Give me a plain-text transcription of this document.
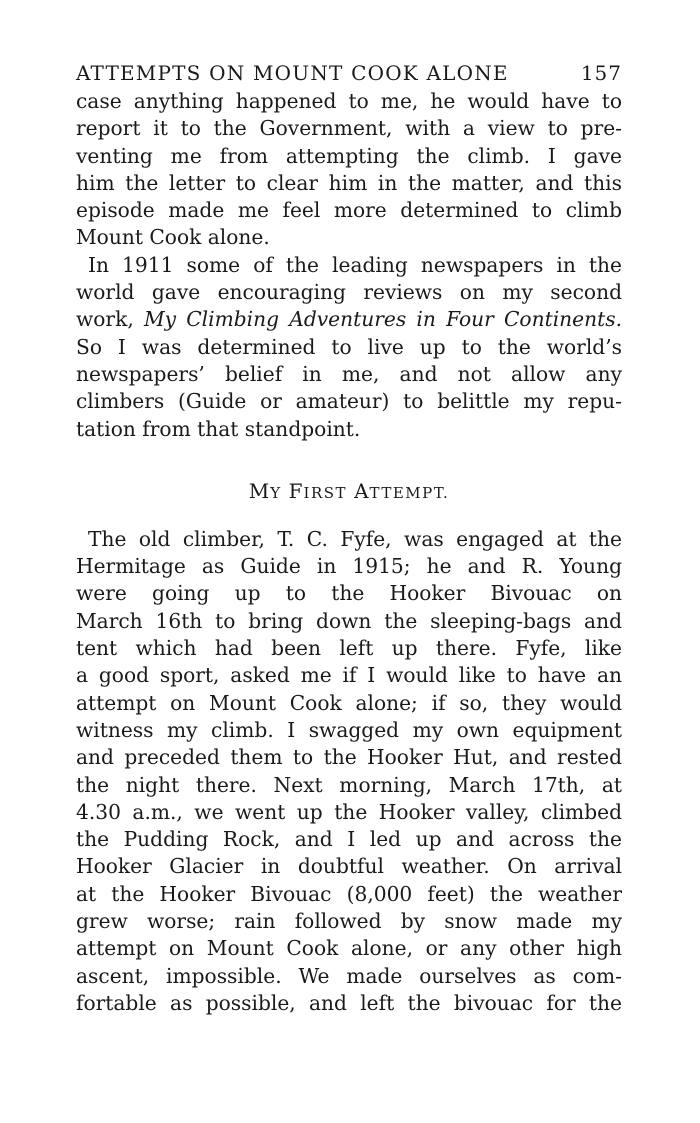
ATTEMPTS ON MOUNT COOK ALONE	157
case anything happened to me, he would have to
report it to the Government, with a view to pre-
venting me from attempting the climb. I gave
him the letter to clear him in the matter, and this
episode made me feel more determined to climb
Mount Cook alone.
In 1911 some of the leading newspapers in the
world gave encouraging reviews on my second
work, My Climbing Adventures in Four Continents.
So I was determined to live up to the world’s
newspapers’ belief in me, and not allow any
climbers (Guide or amateur) to belittle my repu-
tation from that standpoint.
MY FIRST ATTEMPT.
The old climber, T. C. Fyfe, was engaged at the
Hermitage as Guide in 1915; he and R. Young
were going up to the Hooker Bivouac on
March 16th to bring down the sleeping-bags and
tent which had been left up there. Fyfe, like
a good sport, asked me if I would like to have an
attempt on Mount Cook alone; if so, they would
witness my climb. I swagged my own equipment
and preceded them to the Hooker Hut, and rested
the night there. Next morning, March 17th, at
4.30 a.m., we went up the Hooker valley, climbed
the Pudding Rock, and I led up and across the
Hooker Glacier in doubtful weather. On arrival
at the Hooker Bivouac (8,000 feet) the weather
grew worse; rain followed by snow made my
attempt on Mount Cook alone, or any other high
ascent, impossible. We made ourselves as com-
fortable as possible, and left the bivouac for the
